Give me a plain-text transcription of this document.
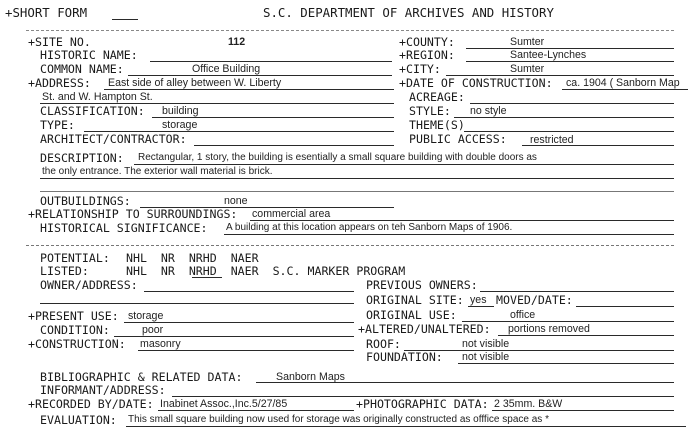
+SHORT FORM	S.C. DEPARTMENT OF ARCHIVES AND HISTORY
+SITE NO.	112	+COUNTY:	Sumter
HISTORIC NAME:	+REGION:	Santee-Lynches
COMMON NAME:	Office Building	+CITY:	Sumter
+ADDRESS: East side of alley between W. Liberty	+DATE OF CONSTRUCTION: ca. 1904 ( Sanborn Map
St. and W. Hampton St.	ACREAGE:
CLASSIFICATION: building	STYLE: no style
TYPE:	storage	THEME(S)
ARCHITECT/CONTRACTOR:	PUBLIC ACCESS: restricted
DESCRIPTION: Rectangular, 1 story, the building is esentially a small square building with double doors as
the only entrance. The exterior wall material is brick.
OUTBUILDINGS:	none
+RELATIONSHIP TO SURROUNDINGS: commercial area
HISTORICAL SIGNIFICANCE: A building at this location appears on teh Sanborn Maps of 1906.
POTENTIAL: NHL  NR  NRHD  NAER
LISTED:	NHL  NR  NRHD  NAER  S.C. MARKER PROGRAM
OWNER/ADDRESS:	PREVIOUS OWNERS:
ORIGINAL SITE: yes MOVED/DATE:
+PRESENT USE: storage	ORIGINAL USE:	office
CONDITION:	poor	+ALTERED/UNALTERED: portions removed
+CONSTRUCTION: masonry	ROOF:	not visible
FOUNDATION: not visible
BIBLIOGRAPHIC & RELATED DATA:	Sanborn Maps
INFORMANT/ADDRESS:
+RECORDED BY/DATE: Inabinet Assoc.,Inc.5/27/85	+PHOTOGRAPHIC DATA: 2 35mm. B&W
EVALUATION: This small square building now used for storage was originally constructed as offfice space as *
